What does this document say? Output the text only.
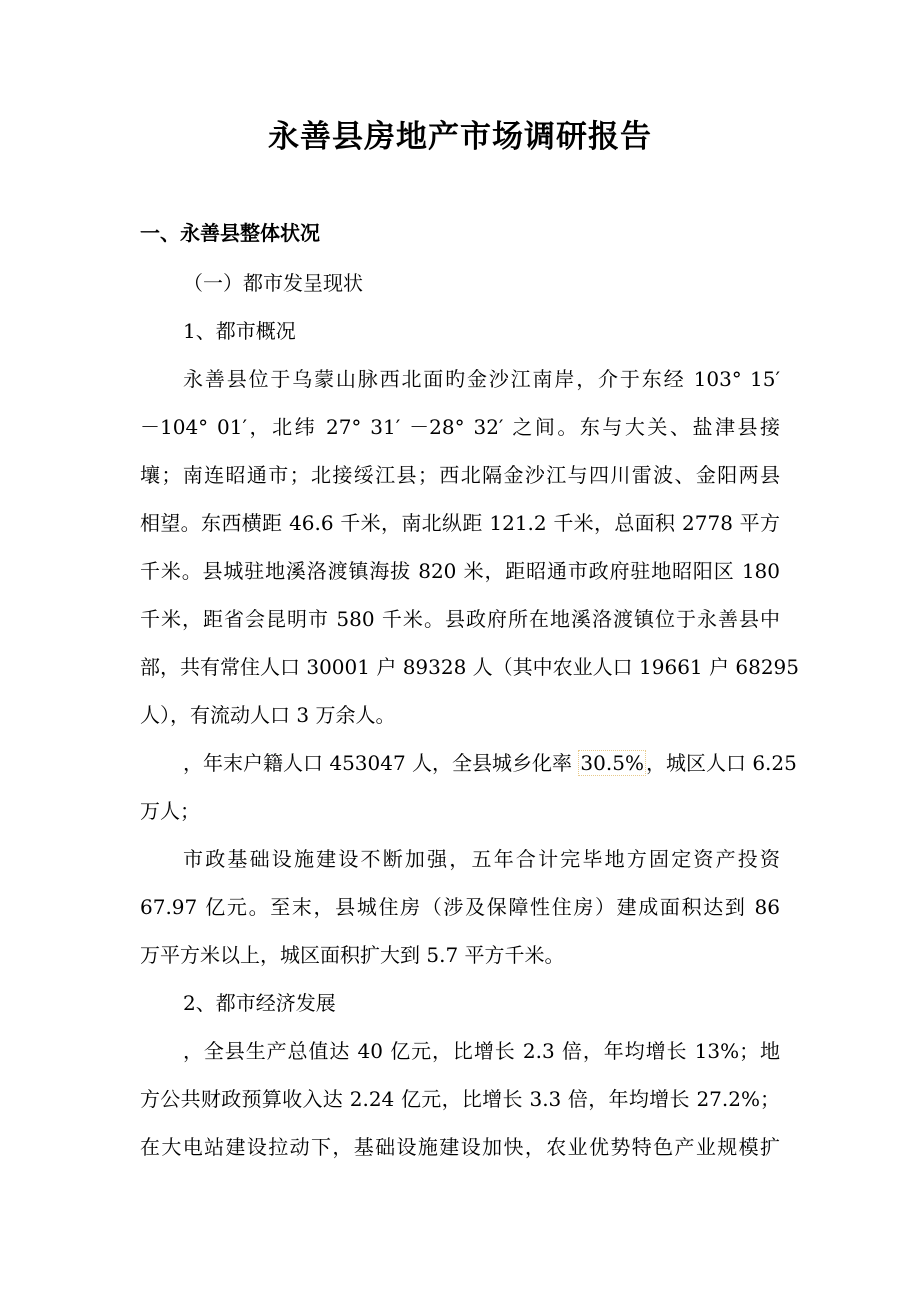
永善县房地产市场调研报告
一、永善县整体状况
（一）都市发呈现状
1、都市概况
永善县位于乌蒙山脉西北面旳金沙江南岸，介于东经 103° 15′
－104° 01′，北纬 27° 31′ －28° 32′ 之间。东与大关、盐津县接
壤；南连昭通市；北接绥江县；西北隔金沙江与四川雷波、金阳两县
相望。东西横距 46.6 千米，南北纵距 121.2 千米，总面积 2778 平方
千米。县城驻地溪洛渡镇海拔 820 米，距昭通市政府驻地昭阳区 180
千米，距省会昆明市 580 千米。县政府所在地溪洛渡镇位于永善县中
部，共有常住人口 30001 户 89328 人（其中农业人口 19661 户 68295
人），有流动人口 3 万余人。
，年末户籍人口 453047 人，全县城乡化率 30.5% ，城区人口 6.25
万人；
市政基础设施建设不断加强，五年合计完毕地方固定资产投资
67.97 亿元。至末，县城住房（涉及保障性住房）建成面积达到 86
万平方米以上，城区面积扩大到 5.7 平方千米。
2、都市经济发展
，全县生产总值达 40 亿元，比增长 2.3 倍，年均增长 13%；地
方公共财政预算收入达 2.24 亿元，比增长 3.3 倍，年均增长 27.2%；
在大电站建设拉动下，基础设施建设加快，农业优势特色产业规模扩
